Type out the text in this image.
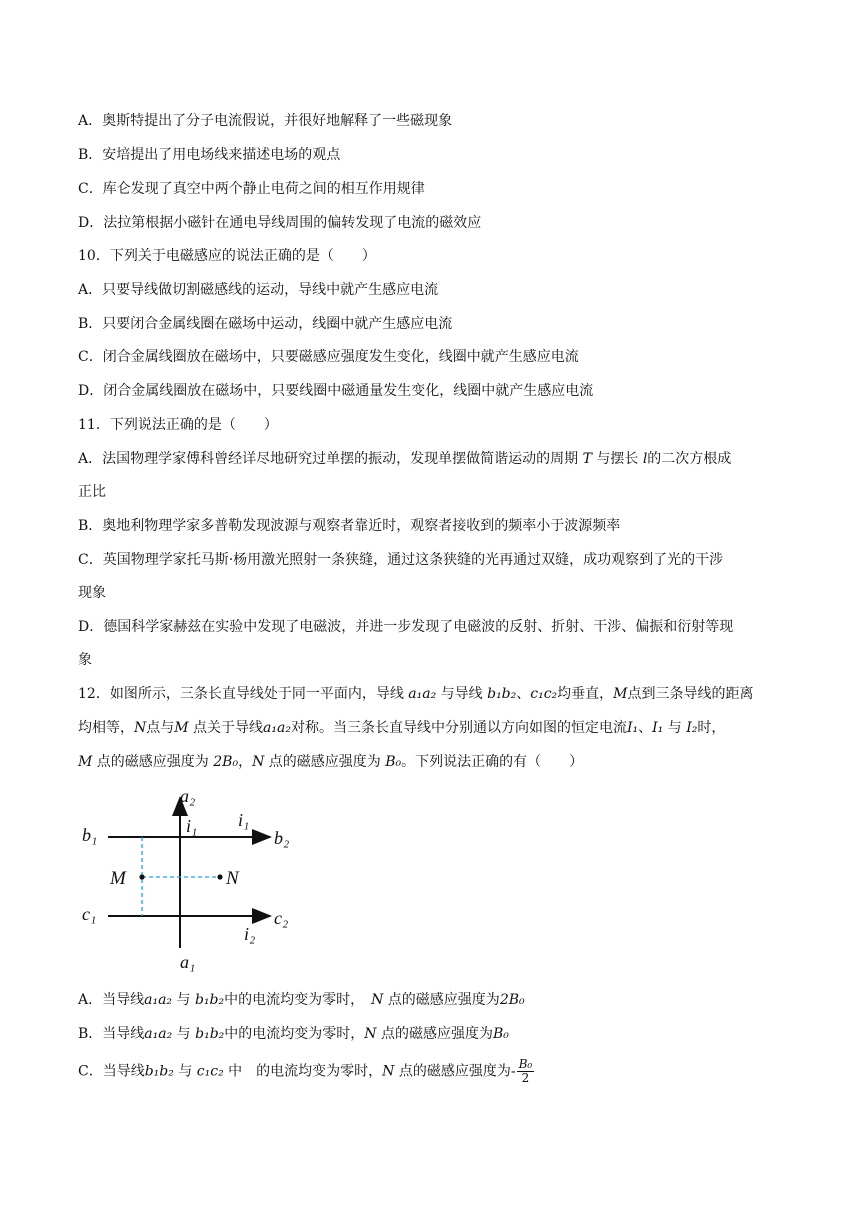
A．奥斯特提出了分子电流假说，并很好地解释了一些磁现象
B．安培提出了用电场线来描述电场的观点
C．库仑发现了真空中两个静止电荷之间的相互作用规律
D．法拉第根据小磁针在通电导线周围的偏转发现了电流的磁效应
10．下列关于电磁感应的说法正确的是（　　）
A．只要导线做切割磁感线的运动，导线中就产生感应电流
B．只要闭合金属线圈在磁场中运动，线圈中就产生感应电流
C．闭合金属线圈放在磁场中，只要磁感应强度发生变化，线圈中就产生感应电流
D．闭合金属线圈放在磁场中，只要线圈中磁通量发生变化，线圈中就产生感应电流
11．下列说法正确的是（　　）
A．法国物理学家傅科曾经详尽地研究过单摆的振动，发现单摆做简谐运动的周期 T 与摆长 l的二次方根成
正比
B．奥地利物理学家多普勒发现波源与观察者靠近时，观察者接收到的频率小于波源频率
C．英国物理学家托马斯·杨用激光照射一条狭缝，通过这条狭缝的光再通过双缝，成功观察到了光的干涉
现象
D．德国科学家赫兹在实验中发现了电磁波，并进一步发现了电磁波的反射、折射、干涉、偏振和衍射等现
象
12．如图所示，三条长直导线处于同一平面内，导线 a₁a₂ 与导线 b₁b₂、c₁c₂均垂直，M点到三条导线的距离
均相等，N点与M 点关于导线a₁a₂对称。当三条长直导线中分别通以方向如图的恒定电流I₁、I₁ 与 I₂时，
M 点的磁感应强度为 2B₀，N 点的磁感应强度为 B₀。下列说法正确的有（　　）
a₂
i₁ i₁
b₁	b₂
M	N
c₁	c₂
i₂
a₁
A．当导线a₁a₂ 与 b₁b₂中的电流均变为零时，　N 点的磁感应强度为2B₀
B．当导线a₁a₂ 与 b₁b₂中的电流均变为零时，N 点的磁感应强度为B₀
C．当导线b₁b₂ 与 c₁c₂ 中　的电流均变为零时，N 点的磁感应强度为- $\frac{\text{B₀}}{2}$
